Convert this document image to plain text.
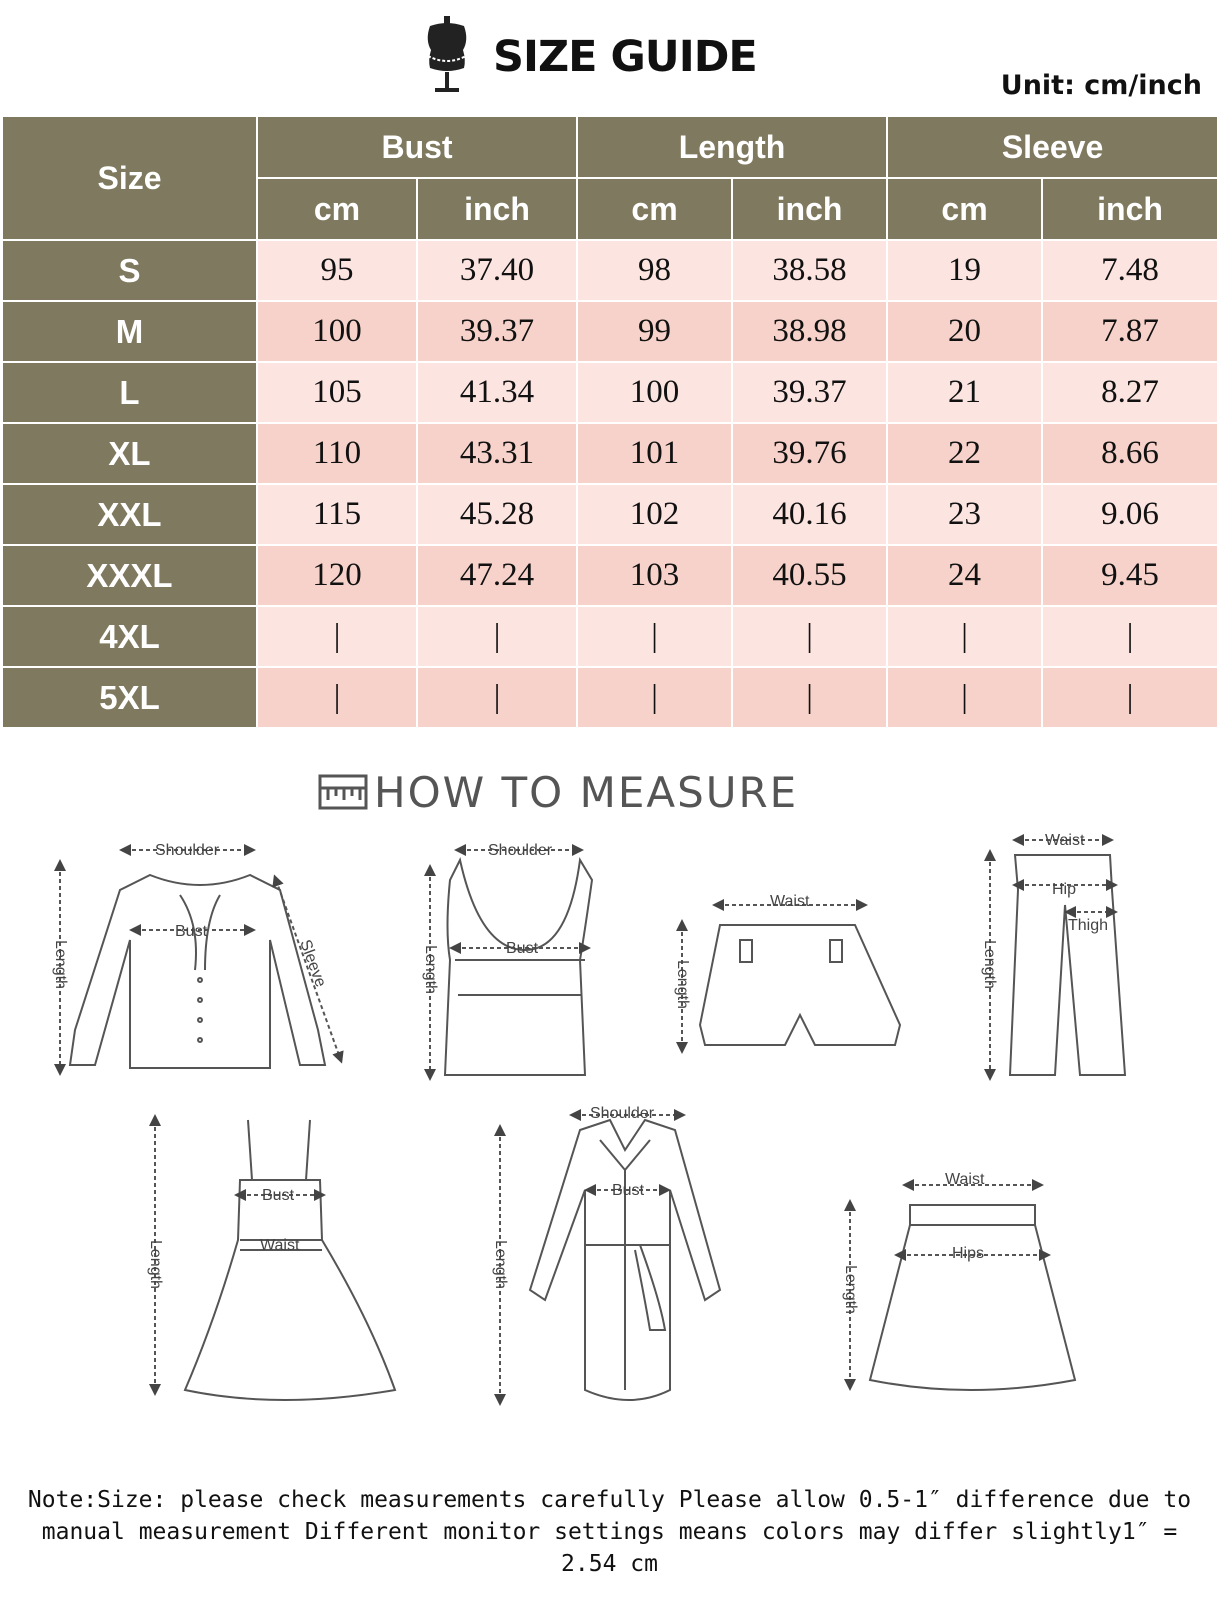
SIZE GUIDE
Unit: cm/inch
Size	Bust		Length		Sleeve	
	cm	inch	cm	inch	cm	inch
S	95	37.40	98	38.58	19	7.48
M	100	39.37	99	38.98	20	7.87
L	105	41.34	100	39.37	21	8.27
XL	110	43.31	101	39.76	22	8.66
XXL	115	45.28	102	40.16	23	9.06
XXXL	120	47.24	103	40.55	24	9.45
4XL	|	|	|	|	|	|
5XL	|	|	|	|	|	|
HOW TO MEASURE
Shoulder
Bust
Length	Sleeve
Shoulder
Bust
Length
Waist
Length
Waist
Hip
Thigh
Length
Bust
Waist
Length
Shoulder
Bust
Length
Waist
Hips
Length
Note:Size: please check measurements carefully Please allow 0.5-1″ difference due to manual measurement Different monitor settings means colors may differ slightly1″ = 2.54 cm
